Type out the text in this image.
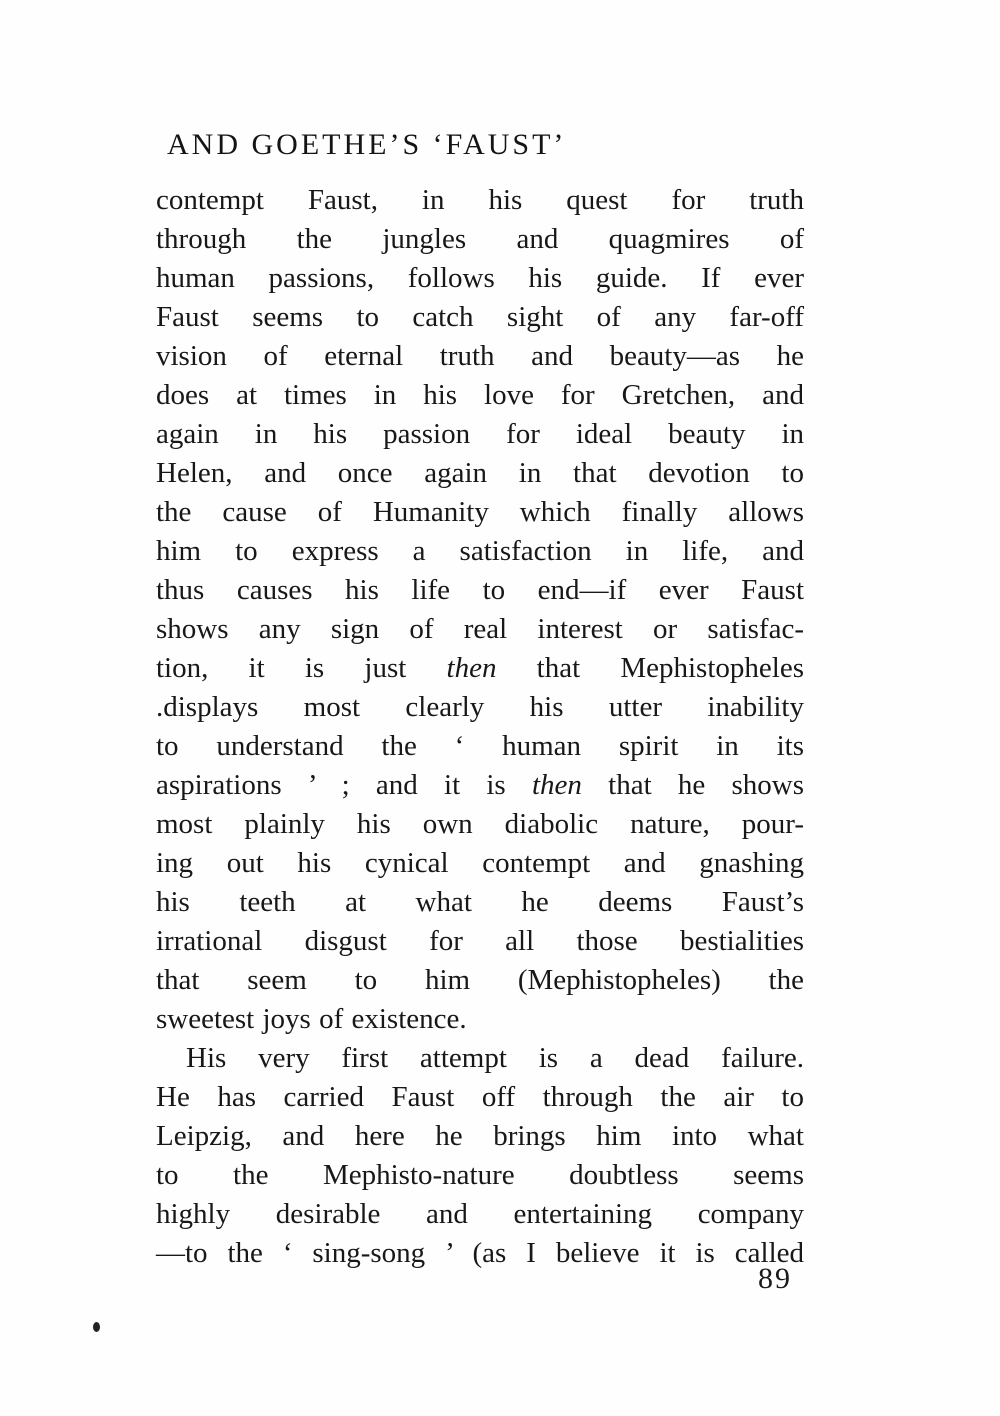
AND GOETHE’S ‘FAUST’
contempt Faust, in his quest for truth
through the jungles and quagmires of
human passions, follows his guide. If ever
Faust seems to catch sight of any far-off
vision of eternal truth and beauty—as he
does at times in his love for Gretchen, and
again in his passion for ideal beauty in
Helen, and once again in that devotion to
the cause of Humanity which finally allows
him to express a satisfaction in life, and
thus causes his life to end—if ever Faust
shows any sign of real interest or satisfac-
tion, it is just then that Mephistopheles
.displays most clearly his utter inability
to understand the ‘ human spirit in its
aspirations ’ ; and it is then that he shows
most plainly his own diabolic nature, pour-
ing out his cynical contempt and gnashing
his teeth at what he deems Faust’s
irrational disgust for all those bestialities
that seem to him (Mephistopheles) the
sweetest joys of existence.
His very first attempt is a dead failure.
He has carried Faust off through the air to
Leipzig, and here he brings him into what
to the Mephisto-nature doubtless seems
highly desirable and entertaining company
—to the ‘ sing-song ’ (as I believe it is called
89
